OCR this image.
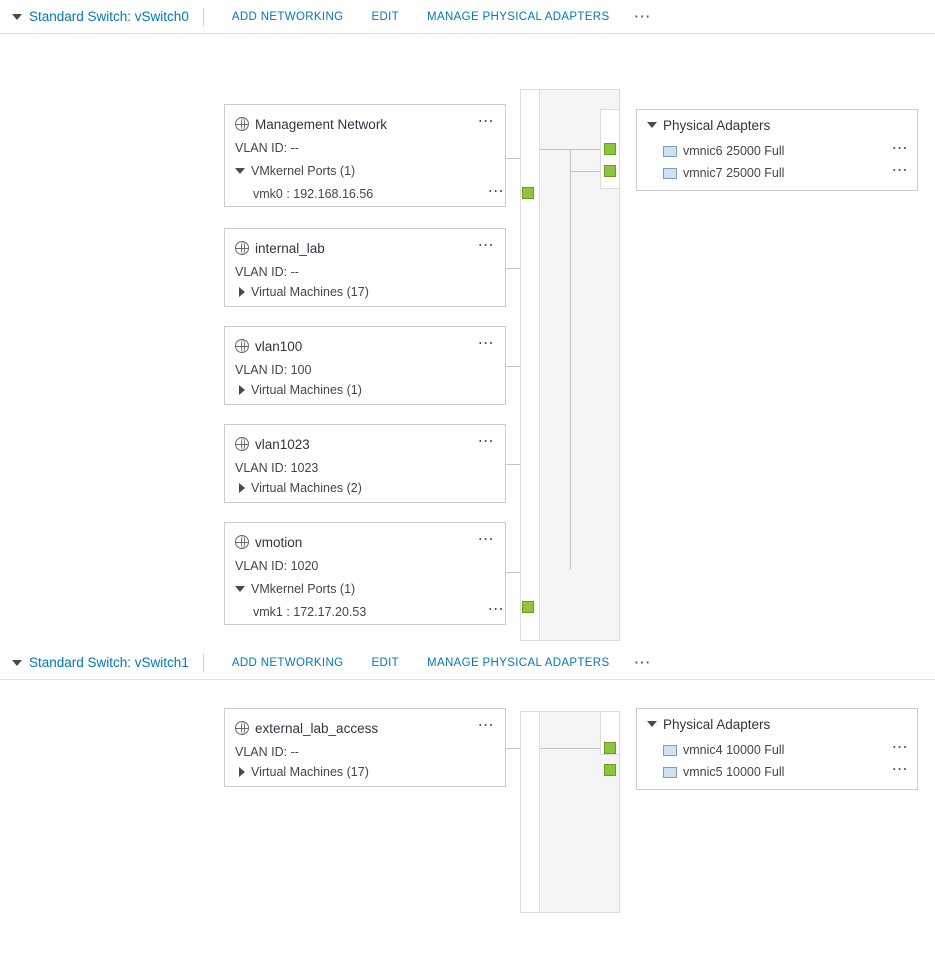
Standard Switch: vSwitch0	ADD NETWORKING	EDIT	MANAGE PHYSICAL ADAPTERS	⋯
Management Network	⋯
VLAN ID: --
VMkernel Ports (1)
vmk0 : 192.168.16.56	⋯
internal_lab	⋯
VLAN ID: --
Virtual Machines (17)
vlan100	⋯
VLAN ID: 100
Virtual Machines (1)
vlan1023	⋯
VLAN ID: 1023
Virtual Machines (2)
vmotion	⋯
VLAN ID: 1020
VMkernel Ports (1)
vmk1 : 172.17.20.53	⋯
Physical Adapters
vmnic6 25000 Full	⋯
vmnic7 25000 Full	⋯
Standard Switch: vSwitch1	ADD NETWORKING	EDIT	MANAGE PHYSICAL ADAPTERS	⋯
external_lab_access	⋯
VLAN ID: --
Virtual Machines (17)
Physical Adapters
vmnic4 10000 Full	⋯
vmnic5 10000 Full	⋯
